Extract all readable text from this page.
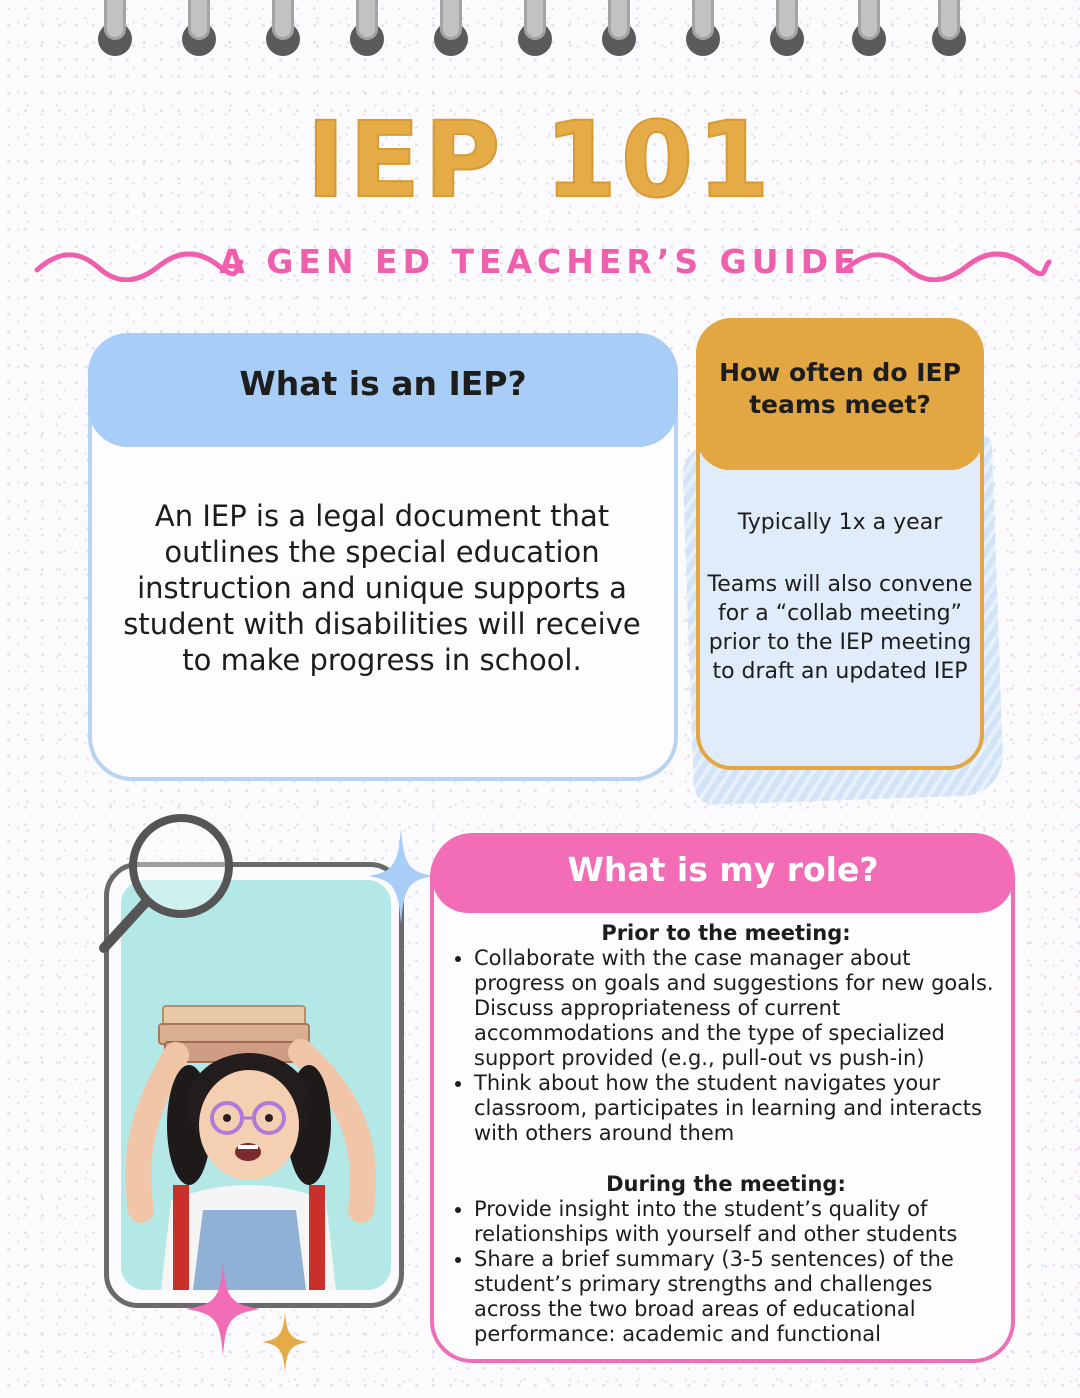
IEP 101
A GEN ED TEACHER’S GUIDE
What is an IEP?
An IEP is a legal document that outlines the special education instruction and unique supports a student with disabilities will receive to make progress in school.
How often do IEP teams meet?
Typically 1x a year
Teams will also convene for a “collab meeting” prior to the IEP meeting to draft an updated IEP
What is my role?
Prior to the meeting:
• Collaborate with the case manager about progress on goals and suggestions for new goals. Discuss appropriateness of current accommodations and the type of specialized support provided (e.g., pull-out vs push-in)
• Think about how the student navigates your classroom, participates in learning and interacts with others around them
During the meeting:
• Provide insight into the student’s quality of relationships with yourself and other students
• Share a brief summary (3-5 sentences) of the student’s primary strengths and challenges across the two broad areas of educational performance: academic and functional
